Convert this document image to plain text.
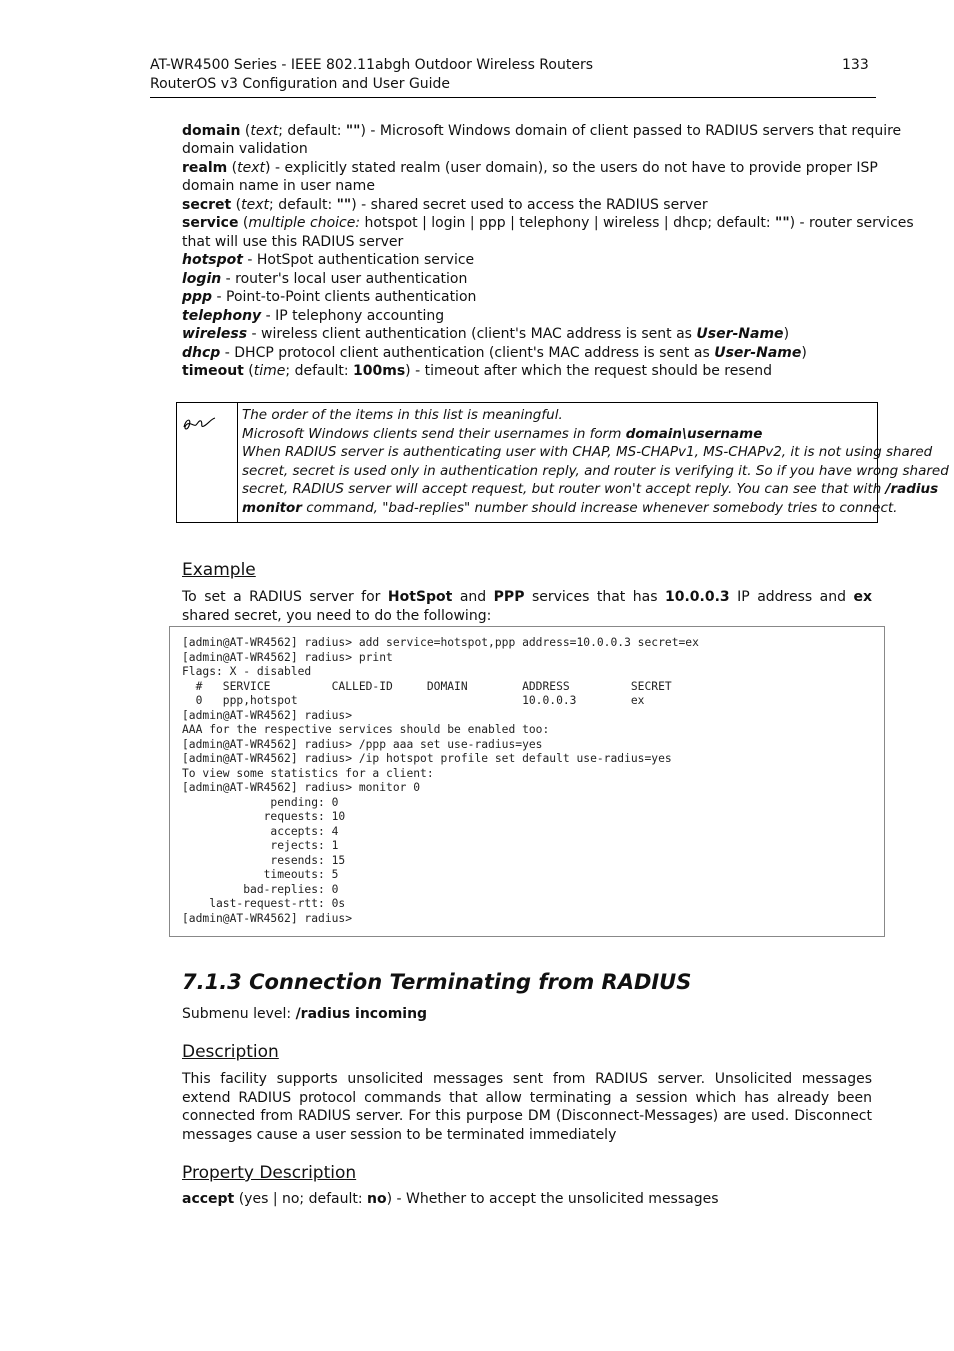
AT-WR4500 Series - IEEE 802.11abgh Outdoor Wireless Routers
RouterOS v3 Configuration and User Guide
133
domain (text; default: "") - Microsoft Windows domain of client passed to RADIUS servers that require
domain validation
realm (text) - explicitly stated realm (user domain), so the users do not have to provide proper ISP
domain name in user name
secret (text; default: "") - shared secret used to access the RADIUS server
service (multiple choice: hotspot | login | ppp | telephony | wireless | dhcp; default: "") - router services
that will use this RADIUS server
hotspot - HotSpot authentication service
login - router's local user authentication
ppp - Point-to-Point clients authentication
telephony - IP telephony accounting
wireless - wireless client authentication (client's MAC address is sent as User-Name)
dhcp - DHCP protocol client authentication (client's MAC address is sent as User-Name)
timeout (time; default: 100ms) - timeout after which the request should be resend
The order of the items in this list is meaningful.
Microsoft Windows clients send their usernames in form domain\username
When RADIUS server is authenticating user with CHAP, MS-CHAPv1, MS-CHAPv2, it is not using shared
secret, secret is used only in authentication reply, and router is verifying it. So if you have wrong shared
secret, RADIUS server will accept request, but router won't accept reply. You can see that with /radius
monitor command, "bad-replies" number should increase whenever somebody tries to connect.
Example
To set a RADIUS server for HotSpot and PPP services that has 10.0.0.3 IP address and ex shared secret, you need to do the following:
[admin@AT-WR4562] radius> add service=hotspot,ppp address=10.0.0.3 secret=ex
[admin@AT-WR4562] radius> print
Flags: X - disabled
#   SERVICE         CALLED-ID     DOMAIN        ADDRESS         SECRET
0   ppp,hotspot                                 10.0.0.3        ex
[admin@AT-WR4562] radius>
AAA for the respective services should be enabled too:
[admin@AT-WR4562] radius> /ppp aaa set use-radius=yes
[admin@AT-WR4562] radius> /ip hotspot profile set default use-radius=yes
To view some statistics for a client:
[admin@AT-WR4562] radius> monitor 0
pending: 0
requests: 10
accepts: 4
rejects: 1
resends: 15
timeouts: 5
bad-replies: 0
last-request-rtt: 0s
[admin@AT-WR4562] radius>
7.1.3 Connection Terminating from RADIUS
Submenu level: /radius incoming
Description
This facility supports unsolicited messages sent from RADIUS server. Unsolicited messages extend RADIUS protocol commands that allow terminating a session which has already been connected from RADIUS server. For this purpose DM (Disconnect-Messages) are used. Disconnect messages cause a user session to be terminated immediately
Property Description
accept (yes | no; default: no) - Whether to accept the unsolicited messages
